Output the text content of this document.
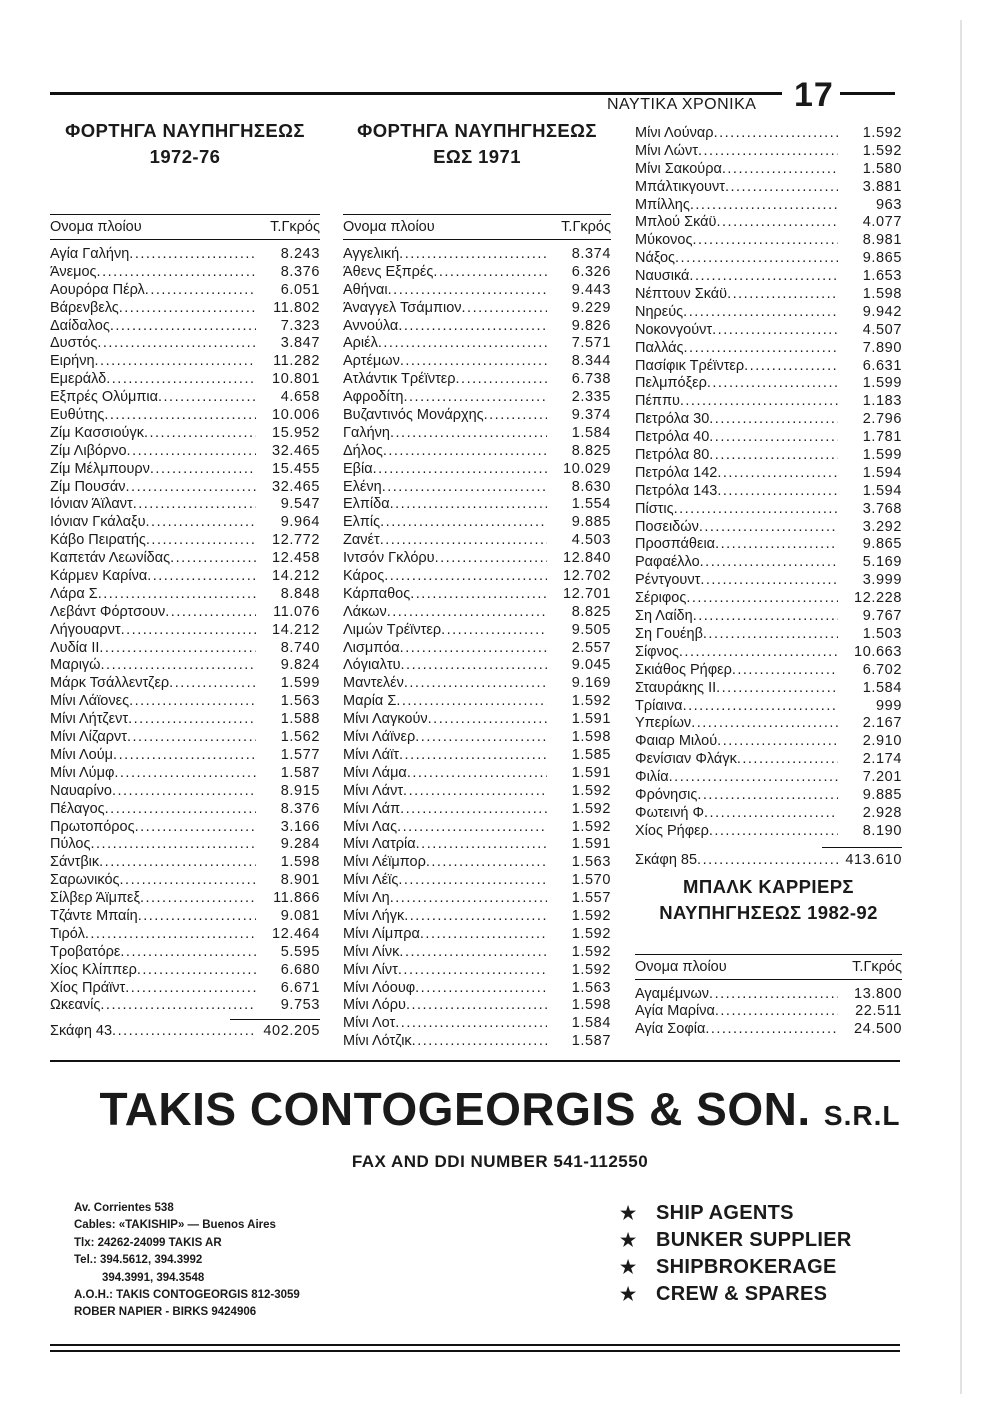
ΝΑΥΤΙΚΑ ΧΡΟΝΙΚΑ 17
ΦΟΡΤΗΓΑ ΝΑΥΠΗΓΗΣΕΩΣ
1972-76
Ονομα πλοίου	Τ.Γκρός
Αγία Γαλήνη .....	8.243
Άνεμος .....	8.376
Αουρόρα Πέρλ .....	6.051
Βάρενβελς .....	11.802
Δαίδαλος .....	7.323
Δυστός .....	3.847
Ειρήνη .....	11.282
Εμεράλδ .....	10.801
Εξπρές Ολύμπια .....	4.658
Ευθύτης .....	10.006
Ζίμ Κασσιούγκ .....	15.952
Ζίμ Λιβόρνο .....	32.465
Ζίμ Μέλμπουρν .....	15.455
Ζίμ Πουσάν .....	32.465
Ιόνιαν Άϊλαντ .....	9.547
Ιόνιαν Γκάλαξυ .....	9.964
Κάβο Πειρατής .....	12.772
Καπετάν Λεωνίδας .....	12.458
Κάρμεν Καρίνα .....	14.212
Λάρα Σ .....	8.848
Λεβάντ Φόρτσουν .....	11.076
Λήγουαρντ .....	14.212
Λυδία ΙΙ .....	8.740
Μαριγώ .....	9.824
Μάρκ Τσάλλεντζερ .....	1.599
Μίνι Λάϊονες .....	1.563
Μίνι Λήτζεντ .....	1.588
Μίνι Λίζαρντ .....	1.562
Μίνι Λούμ .....	1.577
Μίνι Λύμφ .....	1.587
Ναυαρίνο .....	8.915
Πέλαγος .....	8.376
Πρωτοπόρος .....	3.166
Πύλος .....	9.284
Σάντβικ .....	1.598
Σαρωνικός .....	8.901
Σίλβερ Άϊμπεξ .....	11.866
Τζάντε Μπαίη .....	9.081
Τιρόλ .....	12.464
Τροβατόρε .....	5.595
Χίος Κλίππερ .....	6.680
Χίος Πράϊντ .....	6.671
Ωκεανίς .....	9.753
Σκάφη 43 .....	402.205
ΦΟΡΤΗΓΑ ΝΑΥΠΗΓΗΣΕΩΣ
ΕΩΣ 1971
Ονομα πλοίου	Τ.Γκρός
Αγγελική .....	8.374
Άθενς Εξπρές .....	6.326
Αθήναι .....	9.443
Άναγγελ Τσάμπιον .....	9.229
Αννούλα .....	9.826
Αριέλ .....	7.571
Αρτέμων .....	8.344
Ατλάντικ Τρέϊντερ .....	6.738
Αφροδίτη .....	2.335
Βυζαντινός Μονάρχης .....	9.374
Γαλήνη .....	1.584
Δήλος .....	8.825
Εβία .....	10.029
Ελένη .....	8.630
Ελπίδα .....	1.554
Ελπίς .....	9.885
Ζανέτ .....	4.503
Ιντσόν Γκλόρυ .....	12.840
Κάρος .....	12.702
Κάρπαθος .....	12.701
Λάκων .....	8.825
Λιμών Τρέϊντερ .....	9.505
Λισμπόα .....	2.557
Λόγιαλτυ .....	9.045
Μαντελέν .....	9.169
Μαρία Σ .....	1.592
Μίνι Λαγκούν .....	1.591
Μίνι Λάϊνερ .....	1.598
Μίνι Λάϊτ .....	1.585
Μίνι Λάμα .....	1.591
Μίνι Λάντ .....	1.592
Μίνι Λάπ .....	1.592
Μίνι Λας .....	1.592
Μίνι Λατρία .....	1.591
Μίνι Λέϊμπορ .....	1.563
Μίνι Λέϊς .....	1.570
Μίνι Λη .....	1.557
Μίνι Λήγκ .....	1.592
Μίνι Λίμπρα .....	1.592
Μίνι Λίνκ .....	1.592
Μίνι Λίντ .....	1.592
Μίνι Λόουφ .....	1.563
Μίνι Λόρυ .....	1.598
Μίνι Λοτ .....	1.584
Μίνι Λότζικ .....	1.587
Μίνι Λούναρ .....	1.592
Μίνι Λώντ .....	1.592
Μίνι Σακούρα .....	1.580
Μπάλτικγουντ .....	3.881
Μπίλλης .....	963
Μπλού Σκάϋ .....	4.077
Μύκονος .....	8.981
Νάξος .....	9.865
Ναυσικά .....	1.653
Νέπτουν Σκάϋ .....	1.598
Νηρεύς .....	9.942
Νοκονγούντ .....	4.507
Παλλάς .....	7.890
Πασίφικ Τρέϊντερ .....	6.631
Πελμπόξερ .....	1.599
Πέππυ .....	1.183
Πετρόλα 30 .....	2.796
Πετρόλα 40 .....	1.781
Πετρόλα 80 .....	1.599
Πετρόλα 142 .....	1.594
Πετρόλα 143 .....	1.594
Πίστις .....	3.768
Ποσειδών .....	3.292
Προσπάθεια .....	9.865
Ραφαέλλο .....	5.169
Ρέντγουντ .....	3.999
Σέριφος .....	12.228
Ση Λαίδη .....	9.767
Ση Γουέηβ .....	1.503
Σίφνος .....	10.663
Σκιάθος Ρήφερ .....	6.702
Σταυράκης ΙΙ .....	1.584
Τρίαινα .....	999
Υπερίων .....	2.167
Φαιαρ Μιλού .....	2.910
Φενίσιαν Φλάγκ .....	2.174
Φιλία .....	7.201
Φρόνησις .....	9.885
Φωτεινή Φ .....	2.928
Χίος Ρήφερ .....	8.190
Σκάφη 85 .....	413.610
ΜΠΑΛΚ ΚΑΡΡΙΕΡΣ
ΝΑΥΠΗΓΗΣΕΩΣ 1982-92
Ονομα πλοίου	Τ.Γκρός
Αγαμέμνων .....	13.800
Αγία Μαρίνα .....	22.511
Αγία Σοφία .....	24.500
TAKIS CONTOGEORGIS & SON. S.R.L
FAX AND DDI NUMBER 541-112550
Av. Corrientes 538
Cables: «TAKISHIP» — Buenos Aires
Tlx: 24262-24099 TAKIS AR
Tel.: 394.5612, 394.3992
394.3991, 394.3548
A.O.H.: TAKIS CONTOGEORGIS 812-3059
ROBER NAPIER - BIRKS 9424906
★ SHIP AGENTS
★ BUNKER SUPPLIER
★ SHIPBROKERAGE
★ CREW & SPARES
